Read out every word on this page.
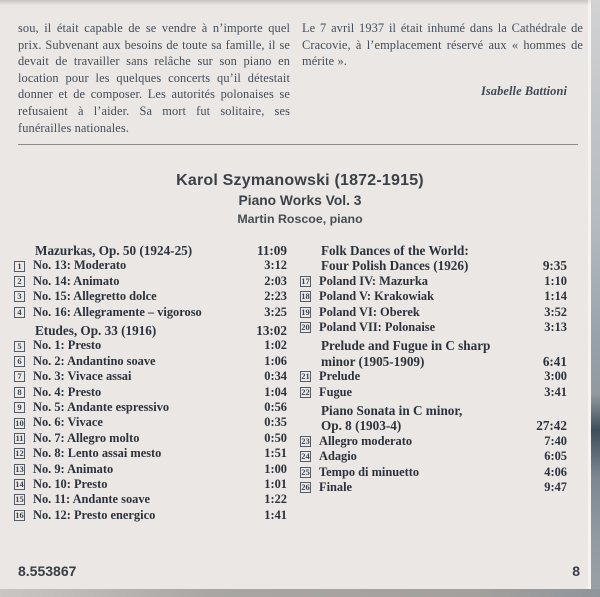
sou, il était capable de se vendre à n’importe quel prix. Subvenant aux besoins de toute sa famille, il se devait de travailler sans relâche sur son piano en location pour les quelques concerts qu’il détestait donner et de composer. Les autorités polonaises se refusaient à l’aider. Sa mort fut solitaire, ses funérailles nationales.
Le 7 avril 1937 il était inhumé dans la Cathédrale de Cracovie, à l’emplacement réservé aux « hommes de mérite ».
Isabelle Battioni
Karol Szymanowski (1872-1915)
Piano Works Vol. 3
Martin Roscoe, piano
Mazurkas, Op. 50 (1924-25)	11:09
1 No. 13: Moderato	3:12
2 No. 14: Animato	2:03
3 No. 15: Allegretto dolce	2:23
4 No. 16: Allegramente – vigoroso	3:25
Etudes, Op. 33 (1916)	13:02
5 No. 1: Presto	1:02
6 No. 2: Andantino soave	1:06
7 No. 3: Vivace assai	0:34
8 No. 4: Presto	1:04
9 No. 5: Andante espressivo	0:56
10 No. 6: Vivace	0:35
11 No. 7: Allegro molto	0:50
12 No. 8: Lento assai mesto	1:51
13 No. 9: Animato	1:00
14 No. 10: Presto	1:01
15 No. 11: Andante soave	1:22
16 No. 12: Presto energico	1:41
Folk Dances of the World:
Four Polish Dances (1926)	9:35
17 Poland IV: Mazurka	1:10
18 Poland V: Krakowiak	1:14
19 Poland VI: Oberek	3:52
20 Poland VII: Polonaise	3:13
Prelude and Fugue in C sharp
minor (1905-1909)	6:41
21 Prelude	3:00
22 Fugue	3:41
Piano Sonata in C minor,
Op. 8 (1903-4)	27:42
23 Allegro moderato	7:40
24 Adagio	6:05
25 Tempo di minuetto	4:06
26 Finale	9:47
8.553867	8
